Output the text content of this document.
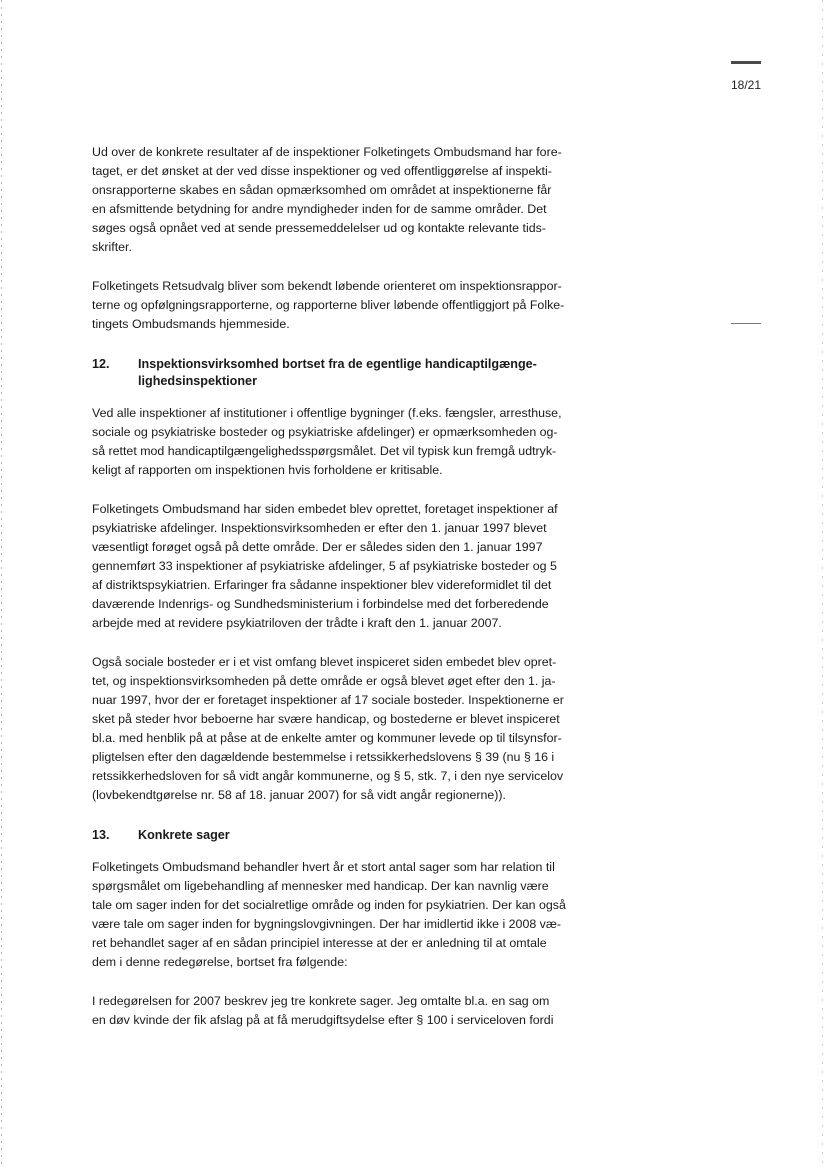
18/21

Ud over de konkrete resultater af de inspektioner Folketingets Ombudsmand har fore-
taget, er det ønsket at der ved disse inspektioner og ved offentliggørelse af inspekti-
onsrapporterne skabes en sådan opmærksomhed om området at inspektionerne får
en afsmittende betydning for andre myndigheder inden for de samme områder. Det
søges også opnået ved at sende pressemeddelelser ud og kontakte relevante tids-
skrifter.

Folketingets Retsudvalg bliver som bekendt løbende orienteret om inspektionsrappor-
terne og opfølgningsrapporterne, og rapporterne bliver løbende offentliggjort på Folke-
tingets Ombudsmands hjemmeside.

12.	Inspektionsvirksomhed bortset fra de egentlige handicaptilgænge-
lighedsinspektioner

Ved alle inspektioner af institutioner i offentlige bygninger (f.eks. fængsler, arresthuse,
sociale og psykiatriske bosteder og psykiatriske afdelinger) er opmærksomheden og-
så rettet mod handicaptilgængelighedsspørgsmålet. Det vil typisk kun fremgå udtryk-
keligt af rapporten om inspektionen hvis forholdene er kritisable.

Folketingets Ombudsmand har siden embedet blev oprettet, foretaget inspektioner af
psykiatriske afdelinger. Inspektionsvirksomheden er efter den 1. januar 1997 blevet
væsentligt forøget også på dette område. Der er således siden den 1. januar 1997
gennemført 33 inspektioner af psykiatriske afdelinger, 5 af psykiatriske bosteder og 5
af distriktspsykiatrien. Erfaringer fra sådanne inspektioner blev videreformidlet til det
daværende Indenrigs- og Sundhedsministerium i forbindelse med det forberedende
arbejde med at revidere psykiatriloven der trådte i kraft den 1. januar 2007.

Også sociale bosteder er i et vist omfang blevet inspiceret siden embedet blev opret-
tet, og inspektionsvirksomheden på dette område er også blevet øget efter den 1. ja-
nuar 1997, hvor der er foretaget inspektioner af 17 sociale bosteder. Inspektionerne er
sket på steder hvor beboerne har svære handicap, og bostederne er blevet inspiceret
bl.a. med henblik på at påse at de enkelte amter og kommuner levede op til tilsynsfor-
pligtelsen efter den dagældende bestemmelse i retssikkerhedslovens § 39 (nu § 16 i
retssikkerhedsloven for så vidt angår kommunerne, og § 5, stk. 7, i den nye servicelov
(lovbekendtgørelse nr. 58 af 18. januar 2007) for så vidt angår regionerne)).

13.	Konkrete sager

Folketingets Ombudsmand behandler hvert år et stort antal sager som har relation til
spørgsmålet om ligebehandling af mennesker med handicap. Der kan navnlig være
tale om sager inden for det socialretlige område og inden for psykiatrien. Der kan også
være tale om sager inden for bygningslovgivningen. Der har imidlertid ikke i 2008 væ-
ret behandlet sager af en sådan principiel interesse at der er anledning til at omtale
dem i denne redegørelse, bortset fra følgende:

I redegørelsen for 2007 beskrev jeg tre konkrete sager. Jeg omtalte bl.a. en sag om
en døv kvinde der fik afslag på at få merudgiftsydelse efter § 100 i serviceloven fordi
